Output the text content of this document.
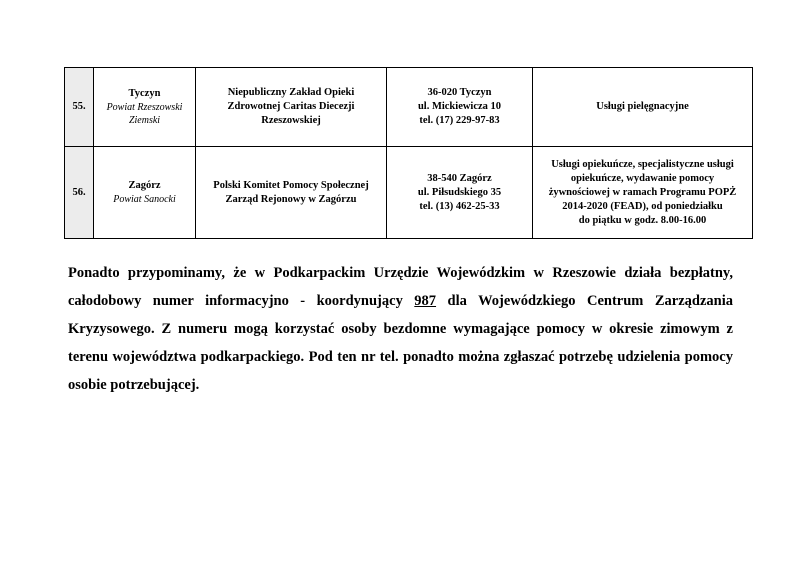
55.	Tyczyn
Powiat Rzeszowski
Ziemski	Niepubliczny Zakład Opieki
Zdrowotnej Caritas Diecezji
Rzeszowskiej	36-020 Tyczyn
ul. Mickiewicza 10
tel. (17) 229-97-83	Usługi pielęgnacyjne

56.	Zagórz
Powiat Sanocki	Polski Komitet Pomocy Społecznej
Zarząd Rejonowy w Zagórzu	38-540 Zagórz
ul. Piłsudskiego 35
tel. (13) 462-25-33	Usługi opiekuńcze, specjalistyczne usługi
opiekuńcze, wydawanie pomocy
żywnościowej w ramach Programu POPŻ
2014-2020 (FEAD), od poniedziałku
do piątku w godz. 8.00-16.00

Ponadto przypominamy, że w Podkarpackim Urzędzie Wojewódzkim w Rzeszowie działa bezpłatny, całodobowy numer informacyjno - koordynujący 987 dla Wojewódzkiego Centrum Zarządzania Kryzysowego. Z numeru mogą korzystać osoby bezdomne wymagające pomocy w okresie zimowym z terenu województwa podkarpackiego. Pod ten nr tel. ponadto można zgłaszać potrzebę udzielenia pomocy osobie potrzebującej.
